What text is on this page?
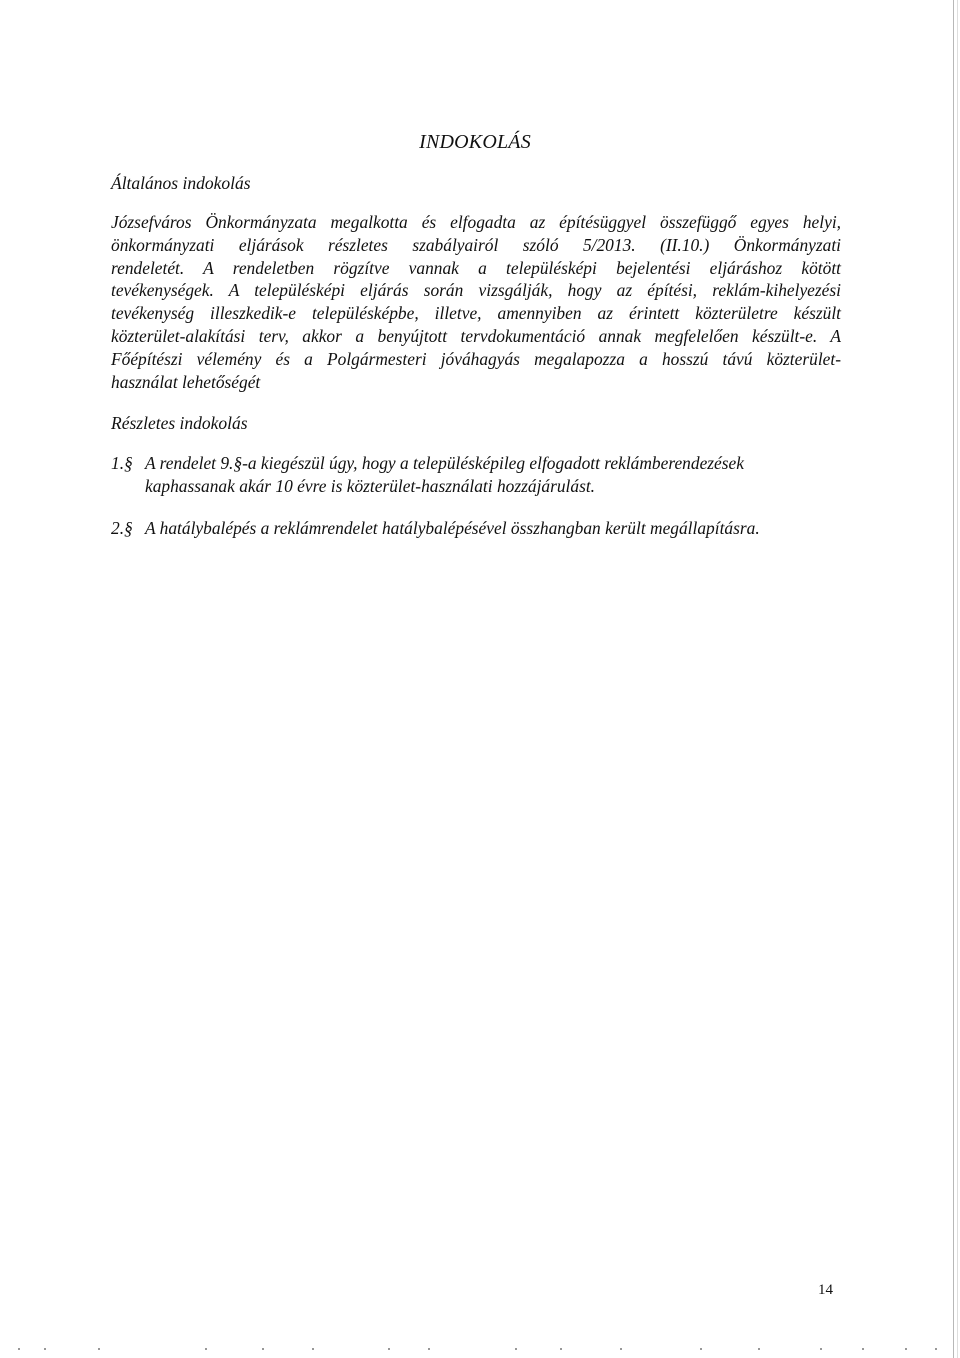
INDOKOLÁS
Általános indokolás
Józsefváros Önkormányzata megalkotta és elfogadta az építésüggyel összefüggő egyes helyi,
önkormányzati eljárások részletes szabályairól szóló 5/2013. (II.10.) Önkormányzati
rendeletét. A rendeletben rögzítve vannak a településképi bejelentési eljáráshoz kötött
tevékenységek. A településképi eljárás során vizsgálják, hogy az építési, reklám-kihelyezési
tevékenység illeszkedik-e településképbe, illetve, amennyiben az érintett közterületre készült
közterület-alakítási terv, akkor a benyújtott tervdokumentáció annak megfelelően készült-e. A
Főépítészi vélemény és a Polgármesteri jóváhagyás megalapozza a hosszú távú közterület-
használat lehetőségét
Részletes indokolás
1.§ A rendelet 9.§-a kiegészül úgy, hogy a településképileg elfogadott reklámberendezések
kaphassanak akár 10 évre is közterület-használati hozzájárulást.
2.§ A hatálybalépés a reklámrendelet hatálybalépésével összhangban került megállapításra.
14
